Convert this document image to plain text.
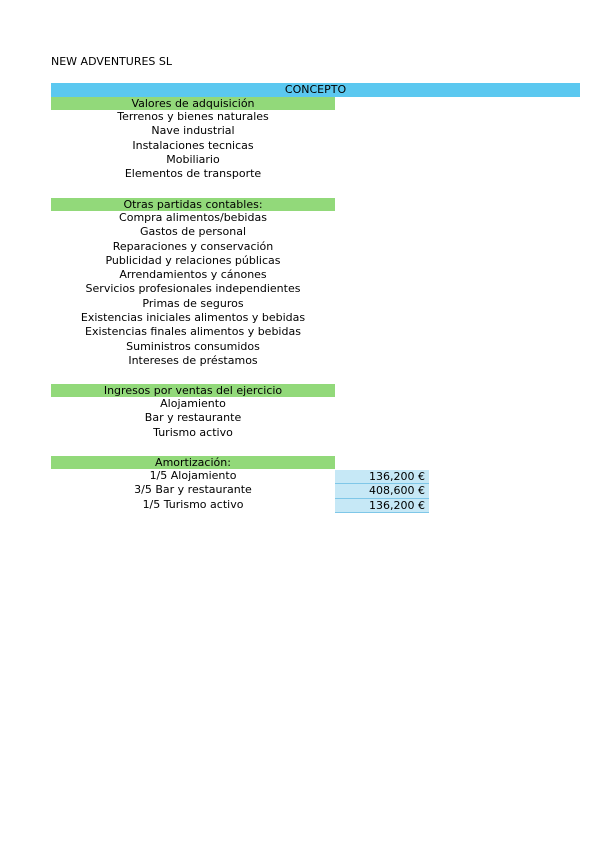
NEW ADVENTURES SL
CONCEPTO
Valores de adquisición
Terrenos y bienes naturales
Nave industrial
Instalaciones tecnicas
Mobiliario
Elementos de transporte
Otras partidas contables:
Compra alimentos/bebidas
Gastos de personal
Reparaciones y conservación
Publicidad y relaciones públicas
Arrendamientos y cánones
Servicios profesionales independientes
Primas de seguros
Existencias iniciales alimentos y bebidas
Existencias finales alimentos y bebidas
Suministros consumidos
Intereses de préstamos
Ingresos por ventas del ejercicio
Alojamiento
Bar y restaurante
Turismo activo
Amortización:
1/5 Alojamiento
3/5 Bar y restaurante
1/5 Turismo activo
136,200 €
408,600 €
136,200 €
